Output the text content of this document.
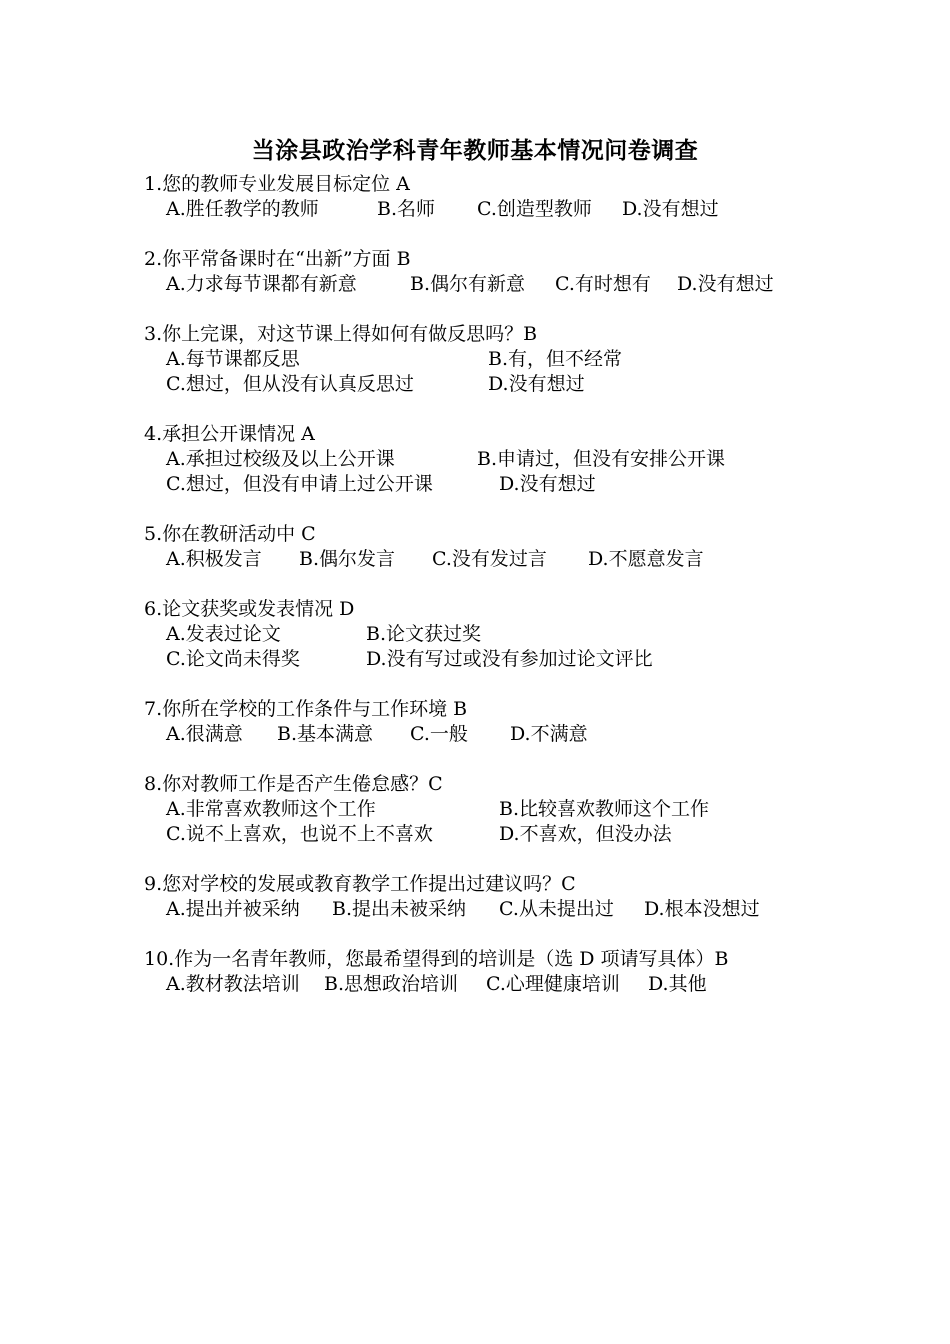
当涂县政治学科青年教师基本情况问卷调查
1.您的教师专业发展目标定位 A
A.胜任教学的教师	B.名师 C.创造型教师 D.没有想过
2.你平常备课时在“出新”方面 B
A.力求每节课都有新意	B.偶尔有新意 C.有时想有 D.没有想过
3.你上完课，对这节课上得如何有做反思吗？B
A.每节课都反思	B.有，但不经常
C.想过，但从没有认真反思过	D.没有想过
4.承担公开课情况 A
A.承担过校级及以上公开课	B.申请过，但没有安排公开课
C.想过，但没有申请上过公开课	D.没有想过
5.你在教研活动中 C
A.积极发言 B.偶尔发言 C.没有发过言 D.不愿意发言
6.论文获奖或发表情况 D
A.发表过论文	B.论文获过奖
C.论文尚未得奖	D.没有写过或没有参加过论文评比
7.你所在学校的工作条件与工作环境 B
A.很满意 B.基本满意 C.一般 D.不满意
8.你对教师工作是否产生倦怠感？C
A.非常喜欢教师这个工作	B.比较喜欢教师这个工作
C.说不上喜欢，也说不上不喜欢	D.不喜欢，但没办法
9.您对学校的发展或教育教学工作提出过建议吗？C
A.提出并被采纳 B.提出未被采纳 C.从未提出过 D.根本没想过
10.作为一名青年教师，您最希望得到的培训是（选 D 项请写具体）B
A.教材教法培训 B.思想政治培训 C.心理健康培训 D.其他
